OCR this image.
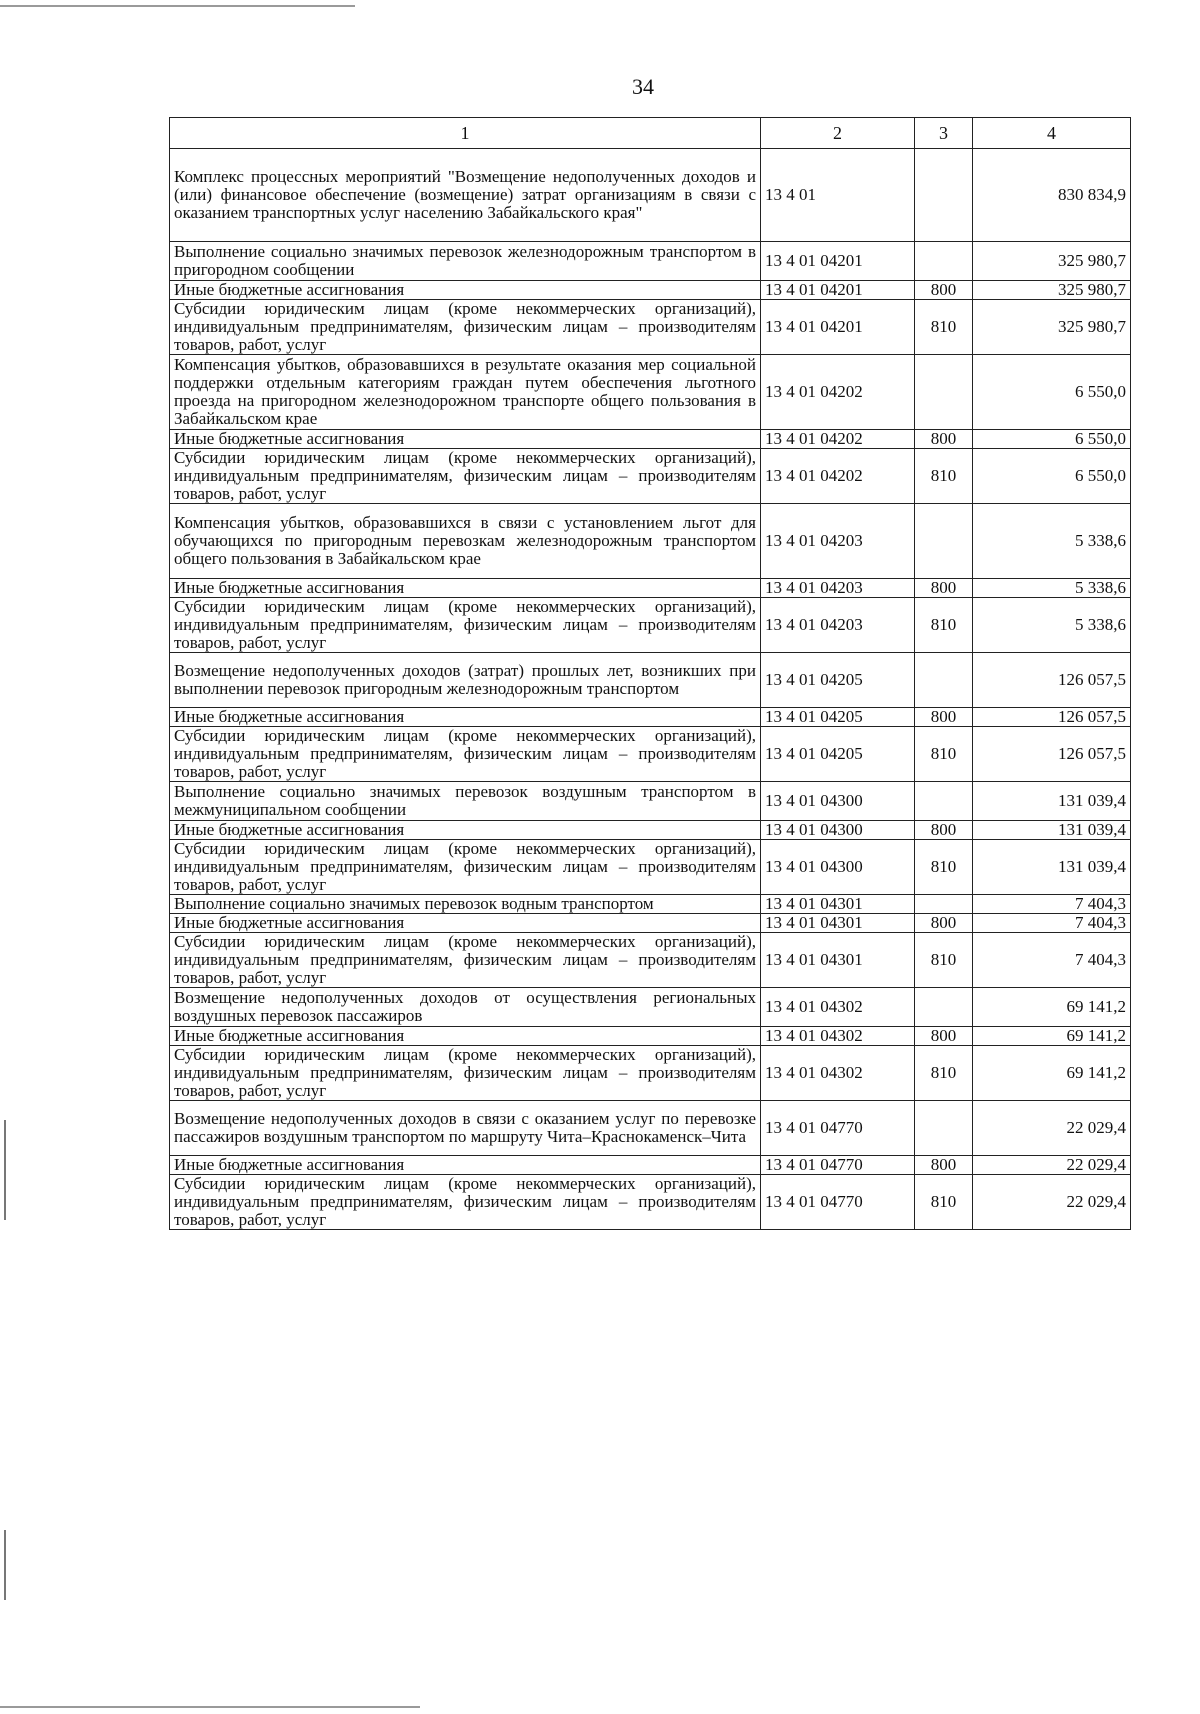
34
1	2	3	4
Комплекс процессных мероприятий "Возмещение недополученных доходов и (или) финансовое обеспечение (возмещение) затрат организациям в связи с оказанием транспортных услуг населению Забайкальского края"	13 4 01		830 834,9
Выполнение социально значимых перевозок железнодорожным транспортом в пригородном сообщении	13 4 01 04201		325 980,7
Иные бюджетные ассигнования	13 4 01 04201	800	325 980,7
Субсидии юридическим лицам (кроме некоммерческих организаций), индивидуальным предпринимателям, физическим лицам – производителям товаров, работ, услуг	13 4 01 04201	810	325 980,7
Компенсация убытков, образовавшихся в результате оказания мер социальной поддержки отдельным категориям граждан путем обеспечения льготного проезда на пригородном железнодорожном транспорте общего пользования в Забайкальском крае	13 4 01 04202		6 550,0
Иные бюджетные ассигнования	13 4 01 04202	800	6 550,0
Субсидии юридическим лицам (кроме некоммерческих организаций), индивидуальным предпринимателям, физическим лицам – производителям товаров, работ, услуг	13 4 01 04202	810	6 550,0
Компенсация убытков, образовавшихся в связи с установлением льгот для обучающихся по пригородным перевозкам железнодорожным транспортом общего пользования в Забайкальском крае	13 4 01 04203		5 338,6
Иные бюджетные ассигнования	13 4 01 04203	800	5 338,6
Субсидии юридическим лицам (кроме некоммерческих организаций), индивидуальным предпринимателям, физическим лицам – производителям товаров, работ, услуг	13 4 01 04203	810	5 338,6
Возмещение недополученных доходов (затрат) прошлых лет, возникших при выполнении перевозок пригородным железнодорожным транспортом	13 4 01 04205		126 057,5
Иные бюджетные ассигнования	13 4 01 04205	800	126 057,5
Субсидии юридическим лицам (кроме некоммерческих организаций), индивидуальным предпринимателям, физическим лицам – производителям товаров, работ, услуг	13 4 01 04205	810	126 057,5
Выполнение социально значимых перевозок воздушным транспортом в межмуниципальном сообщении	13 4 01 04300		131 039,4
Иные бюджетные ассигнования	13 4 01 04300	800	131 039,4
Субсидии юридическим лицам (кроме некоммерческих организаций), индивидуальным предпринимателям, физическим лицам – производителям товаров, работ, услуг	13 4 01 04300	810	131 039,4
Выполнение социально значимых перевозок водным транспортом	13 4 01 04301		7 404,3
Иные бюджетные ассигнования	13 4 01 04301	800	7 404,3
Субсидии юридическим лицам (кроме некоммерческих организаций), индивидуальным предпринимателям, физическим лицам – производителям товаров, работ, услуг	13 4 01 04301	810	7 404,3
Возмещение недополученных доходов от осуществления региональных воздушных перевозок пассажиров	13 4 01 04302		69 141,2
Иные бюджетные ассигнования	13 4 01 04302	800	69 141,2
Субсидии юридическим лицам (кроме некоммерческих организаций), индивидуальным предпринимателям, физическим лицам – производителям товаров, работ, услуг	13 4 01 04302	810	69 141,2
Возмещение недополученных доходов в связи с оказанием услуг по перевозке пассажиров воздушным транспортом по маршруту Чита–Краснокаменск–Чита	13 4 01 04770		22 029,4
Иные бюджетные ассигнования	13 4 01 04770	800	22 029,4
Субсидии юридическим лицам (кроме некоммерческих организаций), индивидуальным предпринимателям, физическим лицам – производителям товаров, работ, услуг	13 4 01 04770	810	22 029,4
